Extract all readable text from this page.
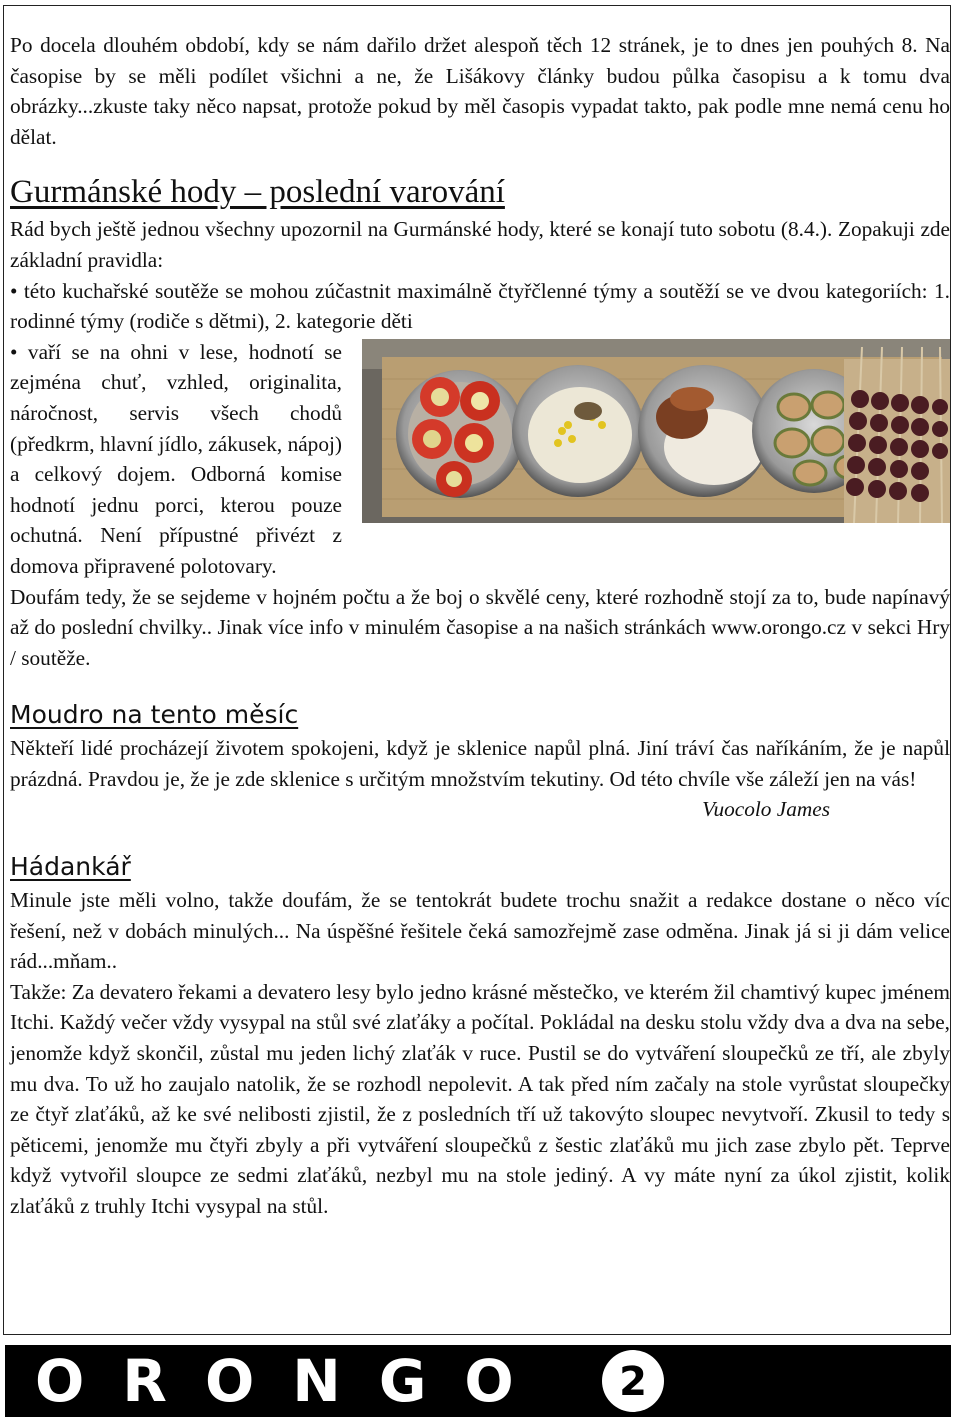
Po docela dlouhém období, kdy se nám dařilo držet alespoň těch 12 stránek, je to dnes jen pouhých 8. Na časopise by se měli podílet všichni a ne, že Lišákovy články budou půlka časopisu a k tomu dva obrázky...zkuste taky něco napsat, protože pokud by měl časopis vypadat takto, pak podle mne nemá cenu ho dělat.

Gurmánské hody – poslední varování

Rád bych ještě jednou všechny upozornil na Gurmánské hody, které se konají tuto sobotu (8.4.). Zopakuji zde základní pravidla:

• této kuchařské soutěže se mohou zúčastnit maximálně čtyřčlenné týmy a soutěží se ve dvou kategoriích: 1. rodinné týmy (rodiče s dětmi), 2. kategorie děti

• vaří se na ohni v lese, hodnotí se zejména chuť, vzhled, originalita, náročnost, servis všech chodů (předkrm, hlavní jídlo, zákusek, nápoj) a celkový dojem. Odborná komise hodnotí jednu porci, kterou pouze ochutná. Není přípustné přivézt z domova připravené polotovary.

Doufám tedy, že se sejdeme v hojném počtu a že boj o skvělé ceny, které rozhodně stojí za to, bude napínavý až do poslední chvilky.. Jinak více info v minulém časopise a na našich stránkách www.orongo.cz v sekci Hry / soutěže.

Moudro na tento měsíc

Někteří lidé procházejí životem spokojeni, když je sklenice napůl plná. Jiní tráví čas naříkáním, že je napůl prázdná. Pravdou je, že je zde sklenice s určitým množstvím tekutiny. Od této chvíle vše záleží jen na vás!

Vuocolo James

Hádankář

Minule jste měli volno, takže doufám, že se tentokrát budete trochu snažit a redakce dostane o něco víc řešení, než v dobách minulých... Na úspěšné řešitele čeká samozřejmě zase odměna. Jinak já si ji dám velice rád...mňam..

Takže: Za devatero řekami a devatero lesy bylo jedno krásné městečko, ve kterém žil chamtivý kupec jménem Itchi. Každý večer vždy vysypal na stůl své zlaťáky a počítal. Pokládal na desku stolu vždy dva a dva na sebe, jenomže když skončil, zůstal mu jeden lichý zlaťák v ruce. Pustil se do vytváření sloupečků ze tří, ale zbyly mu dva. To už ho zaujalo natolik, že se rozhodl nepolevit. A tak před ním začaly na stole vyrůstat sloupečky ze čtyř zlaťáků, až ke své nelibosti zjistil, že z posledních tří už takovýto sloupec nevytvoří. Zkusil to tedy s pěticemi, jenomže mu čtyři zbyly a při vytváření sloupečků z šestic zlaťáků mu jich zase zbylo pět. Teprve když vytvořil sloupce ze sedmi zlaťáků, nezbyl mu na stole jediný. A vy máte nyní za úkol zjistit, kolik zlaťáků z truhly Itchi vysypal na stůl.

ORONGO 2
